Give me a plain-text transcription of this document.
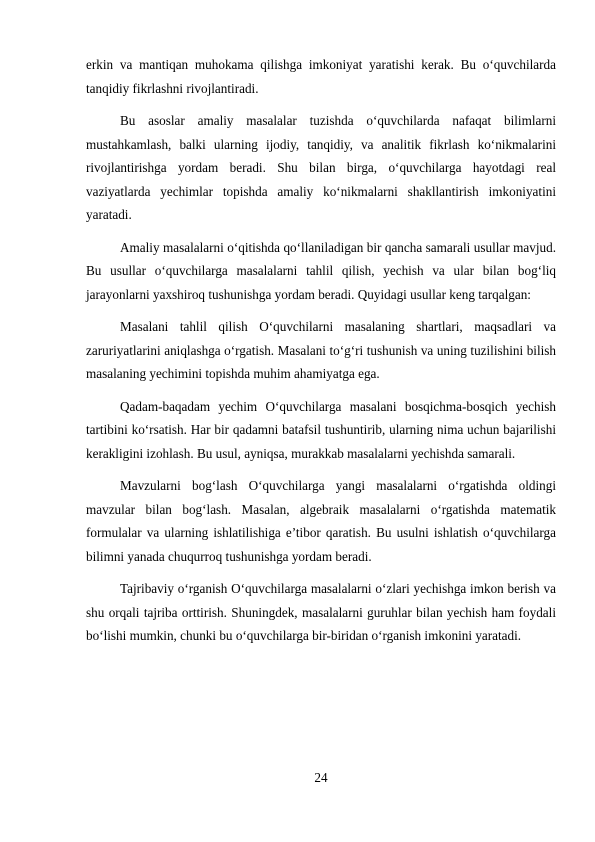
erkin va mantiqan muhokama qilishga imkoniyat yaratishi kerak. Bu o‘quvchilarda tanqidiy fikrlashni rivojlantiradi.

Bu asoslar amaliy masalalar tuzishda o‘quvchilarda nafaqat bilimlarni mustahkamlash, balki ularning ijodiy, tanqidiy, va analitik fikrlash ko‘nikmalarini rivojlantirishga yordam beradi. Shu bilan birga, o‘quvchilarga hayotdagi real vaziyatlarda yechimlar topishda amaliy ko‘nikmalarni shakllantirish imkoniyatini yaratadi.

Amaliy masalalarni o‘qitishda qo‘llaniladigan bir qancha samarali usullar mavjud. Bu usullar o‘quvchilarga masalalarni tahlil qilish, yechish va ular bilan bog‘liq jarayonlarni yaxshiroq tushunishga yordam beradi. Quyidagi usullar keng tarqalgan:

Masalani tahlil qilish O‘quvchilarni masalaning shartlari, maqsadlari va zaruriyatlarini aniqlashga o‘rgatish. Masalani to‘g‘ri tushunish va uning tuzilishini bilish masalaning yechimini topishda muhim ahamiyatga ega.

Qadam-baqadam yechim O‘quvchilarga masalani bosqichma-bosqich yechish tartibini ko‘rsatish. Har bir qadamni batafsil tushuntirib, ularning nima uchun bajarilishi kerakligini izohlash. Bu usul, ayniqsa, murakkab masalalarni yechishda samarali.

Mavzularni bog‘lash O‘quvchilarga yangi masalalarni o‘rgatishda oldingi mavzular bilan bog‘lash. Masalan, algebraik masalalarni o‘rgatishda matematik formulalar va ularning ishlatilishiga e’tibor qaratish. Bu usulni ishlatish o‘quvchilarga bilimni yanada chuqurroq tushunishga yordam beradi.

Tajribaviy o‘rganish O‘quvchilarga masalalarni o‘zlari yechishga imkon berish va shu orqali tajriba orttirish. Shuningdek, masalalarni guruhlar bilan yechish ham foydali bo‘lishi mumkin, chunki bu o‘quvchilarga bir-biridan o‘rganish imkonini yaratadi.

24
